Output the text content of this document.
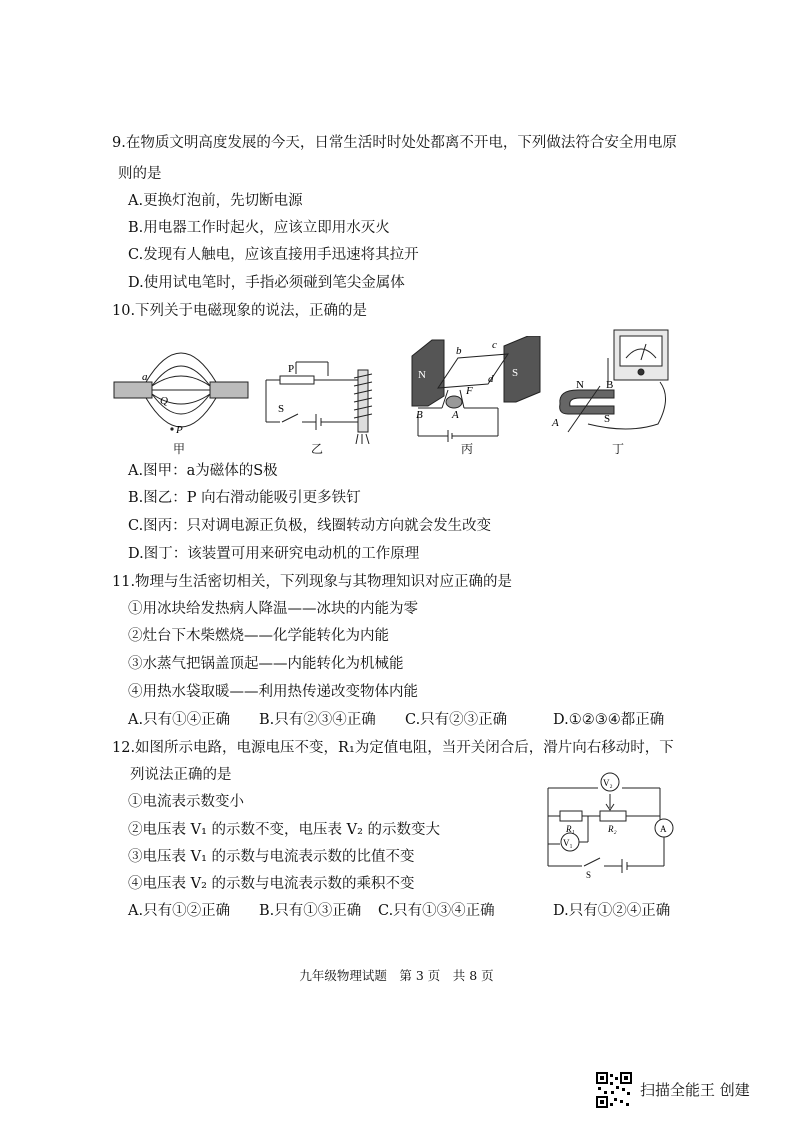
9.在物质文明高度发展的今天，日常生活时时处处都离不开电，下列做法符合安全用电原
则的是
A.更换灯泡前，先切断电源
B.用电器工作时起火，应该立即用水灭火
C.发现有人触电，应该直接用手迅速将其拉开
D.使用试电笔时，手指必须碰到笔尖金属体
10.下列关于电磁现象的说法，正确的是
a
Q
P
甲
P
S
乙
N	S
b	c
d
F
B	A
丙
N B
S
A
丁
A.图甲：a为磁体的S极
B.图乙：P 向右滑动能吸引更多铁钉
C.图丙：只对调电源正负极，线圈转动方向就会发生改变
D.图丁：该装置可用来研究电动机的工作原理
11.物理与生活密切相关，下列现象与其物理知识对应正确的是
①用冰块给发热病人降温——冰块的内能为零
②灶台下木柴燃烧——化学能转化为内能
③水蒸气把锅盖顶起——内能转化为机械能
④用热水袋取暖——利用热传递改变物体内能
A.只有①④正确 B.只有②③④正确 C.只有②③正确	D.①②③④都正确
12.如图所示电路，电源电压不变，R₁为定值电阻，当开关闭合后，滑片向右移动时，下
列说法正确的是
①电流表示数变小
②电压表 V₁ 的示数不变，电压表 V₂ 的示数变大
③电压表 V₁ 的示数与电流表示数的比值不变
④电压表 V₂ 的示数与电流表示数的乘积不变
V₂
R₁	R₂	A
V₁
S
A.只有①②正确 B.只有①③正确 C.只有①③④正确	D.只有①②④正确
九年级物理试题　第 3 页　共 8 页
扫描全能王 创建
